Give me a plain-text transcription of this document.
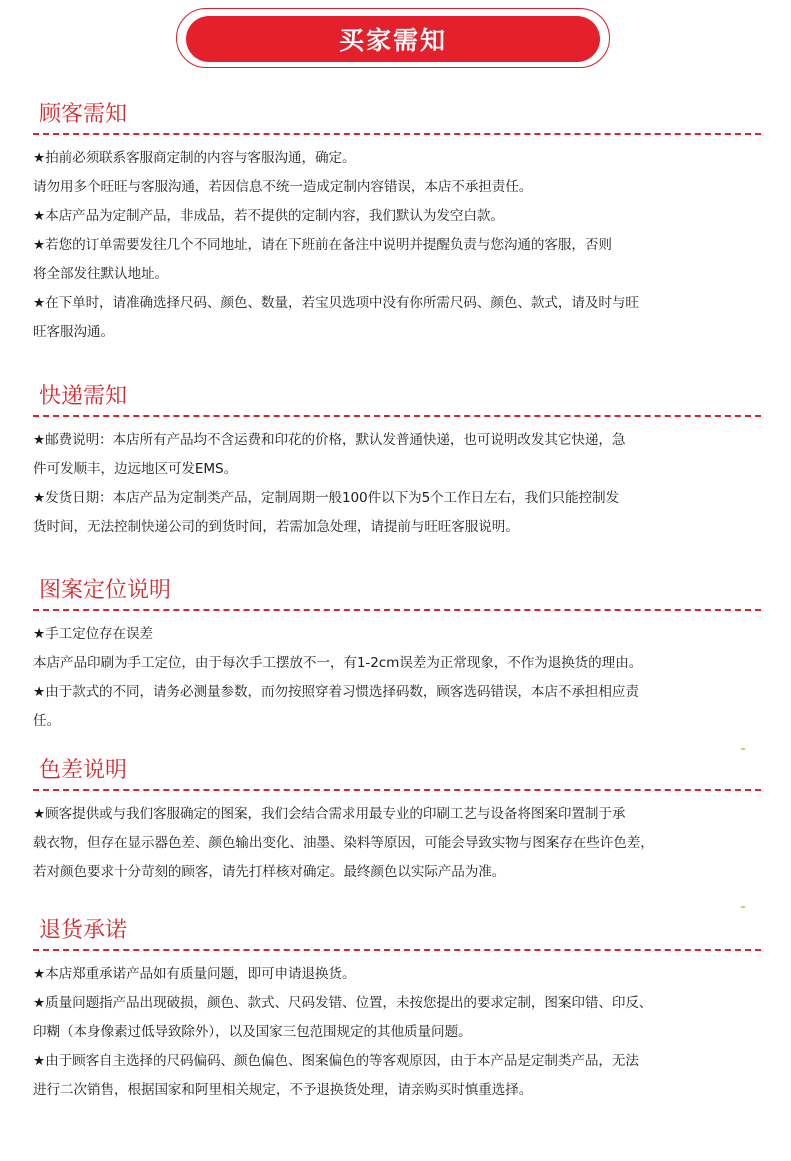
买家需知
顾客需知
★拍前必须联系客服商定制的内容与客服沟通，确定。
请勿用多个旺旺与客服沟通，若因信息不统一造成定制内容错误，本店不承担责任。
★本店产品为定制产品，非成品，若不提供的定制内容，我们默认为发空白款。
★若您的订单需要发往几个不同地址，请在下班前在备注中说明并提醒负责与您沟通的客服，否则
将全部发往默认地址。
★在下单时，请准确选择尺码、颜色、数量，若宝贝选项中没有你所需尺码、颜色、款式，请及时与旺
旺客服沟通。
快递需知
★邮费说明：本店所有产品均不含运费和印花的价格，默认发普通快递，也可说明改发其它快递，急
件可发顺丰，边远地区可发EMS。
★发货日期：本店产品为定制类产品，定制周期一般100件以下为5个工作日左右，我们只能控制发
货时间，无法控制快递公司的到货时间，若需加急处理，请提前与旺旺客服说明。
图案定位说明
★手工定位存在误差
本店产品印刷为手工定位，由于每次手工摆放不一，有1-2cm误差为正常现象，不作为退换货的理由。
★由于款式的不同，请务必测量参数，而勿按照穿着习惯选择码数，顾客选码错误，本店不承担相应责
任。
色差说明
★顾客提供或与我们客服确定的图案，我们会结合需求用最专业的印刷工艺与设备将图案印置制于承
载衣物，但存在显示器色差、颜色输出变化、油墨、染料等原因，可能会导致实物与图案存在些许色差，
若对颜色要求十分苛刻的顾客，请先打样核对确定。最终颜色以实际产品为准。
退货承诺
★本店郑重承诺产品如有质量问题，即可申请退换货。
★质量问题指产品出现破损，颜色、款式、尺码发错、位置，未按您提出的要求定制，图案印错、印反、
印糊（本身像素过低导致除外），以及国家三包范围规定的其他质量问题。
★由于顾客自主选择的尺码偏码、颜色偏色、图案偏色的等客观原因，由于本产品是定制类产品，无法
进行二次销售，根据国家和阿里相关规定，不予退换货处理，请亲购买时慎重选择。
